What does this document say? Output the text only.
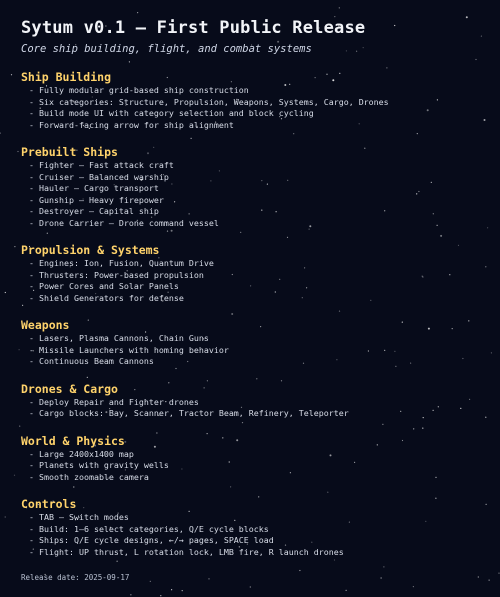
Sytum v0.1 – First Public Release
Core ship building, flight, and combat systems
Ship Building
- Fully modular grid-based ship construction
- Six categories: Structure, Propulsion, Weapons, Systems, Cargo, Drones
- Build mode UI with category selection and block cycling
- Forward-facing arrow for ship alignment
Prebuilt Ships
- Fighter – Fast attack craft
- Cruiser – Balanced warship
- Hauler – Cargo transport
- Gunship – Heavy firepower
- Destroyer – Capital ship
- Drone Carrier – Drone command vessel
Propulsion & Systems
- Engines: Ion, Fusion, Quantum Drive
- Thrusters: Power-based propulsion
- Power Cores and Solar Panels
- Shield Generators for defense
Weapons
- Lasers, Plasma Cannons, Chain Guns
- Missile Launchers with homing behavior
- Continuous Beam Cannons
Drones & Cargo
- Deploy Repair and Fighter drones
- Cargo blocks: Bay, Scanner, Tractor Beam, Refinery, Teleporter
World & Physics
- Large 2400x1400 map
- Planets with gravity wells
- Smooth zoomable camera
Controls
- TAB – Switch modes
- Build: 1–6 select categories, Q/E cycle blocks
- Ships: Q/E cycle designs, ←/→ pages, SPACE load
- Flight: UP thrust, L rotation lock, LMB fire, R launch drones
Release date: 2025-09-17
